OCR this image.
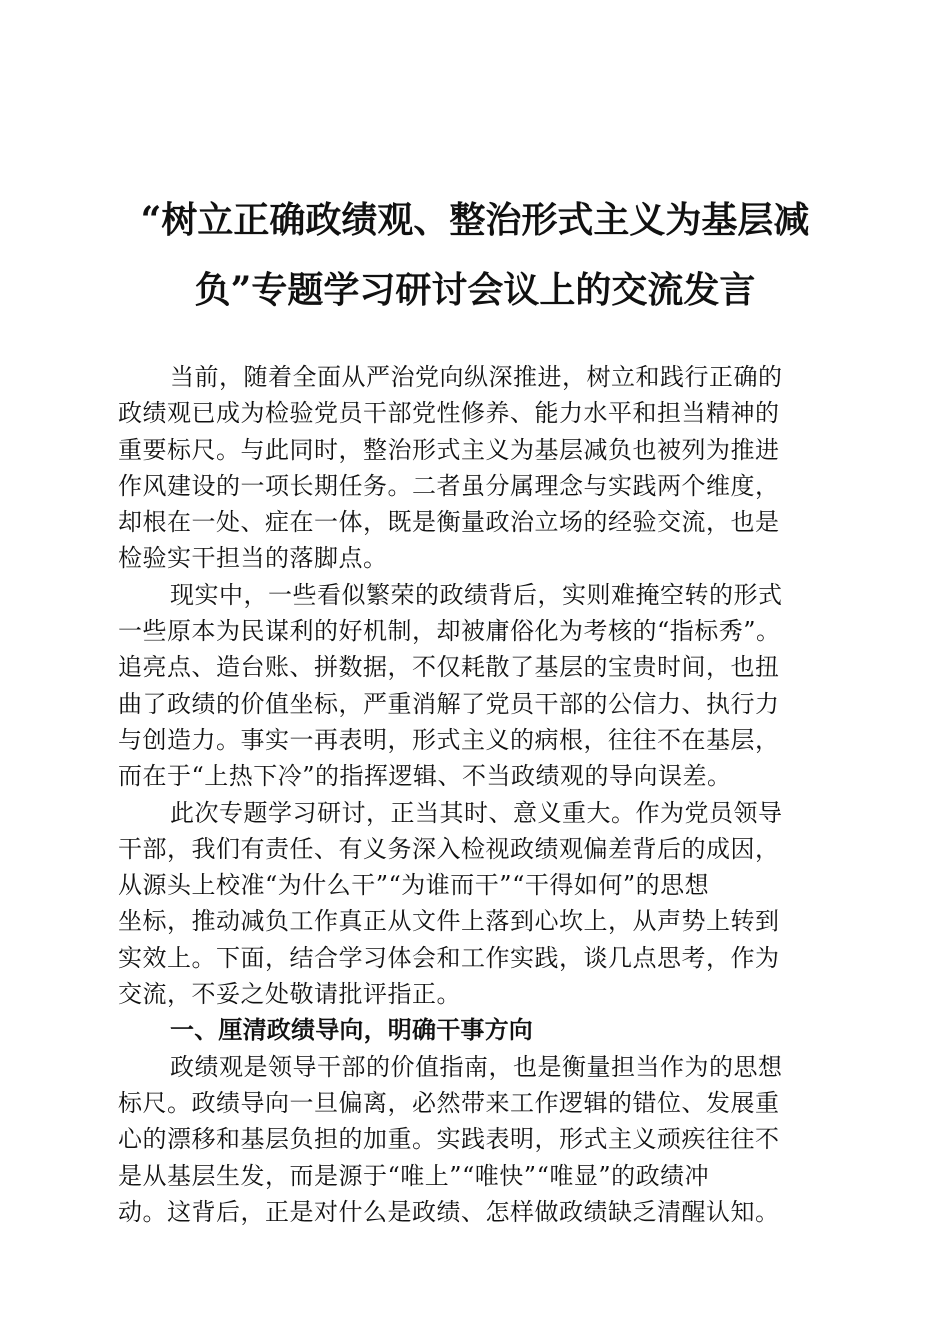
“树立正确政绩观、整治形式主义为基层减
负”专题学习研讨会议上的交流发言
当前，随着全面从严治党向纵深推进，树立和践行正确的
政绩观已成为检验党员干部党性修养、能力水平和担当精神的
重要标尺。与此同时，整治形式主义为基层减负也被列为推进
作风建设的一项长期任务。二者虽分属理念与实践两个维度，
却根在一处、症在一体，既是衡量政治立场的经验交流，也是
检验实干担当的落脚点。
现实中，一些看似繁荣的政绩背后，实则难掩空转的形式
一些原本为民谋利的好机制，却被庸俗化为考核的“指标秀”。
追亮点、造台账、拼数据，不仅耗散了基层的宝贵时间，也扭
曲了政绩的价值坐标，严重消解了党员干部的公信力、执行力
与创造力。事实一再表明，形式主义的病根，往往不在基层，
而在于“上热下冷”的指挥逻辑、不当政绩观的导向误差。
此次专题学习研讨，正当其时、意义重大。作为党员领导
干部，我们有责任、有义务深入检视政绩观偏差背后的成因，
从源头上校准“为什么干”“为谁而干”“干得如何”的思想
坐标，推动减负工作真正从文件上落到心坎上，从声势上转到
实效上。下面，结合学习体会和工作实践，谈几点思考，作为
交流，不妥之处敬请批评指正。
一、厘清政绩导向，明确干事方向
政绩观是领导干部的价值指南，也是衡量担当作为的思想
标尺。政绩导向一旦偏离，必然带来工作逻辑的错位、发展重
心的漂移和基层负担的加重。实践表明，形式主义顽疾往往不
是从基层生发，而是源于“唯上”“唯快”“唯显”的政绩冲
动。这背后，正是对什么是政绩、怎样做政绩缺乏清醒认知。
